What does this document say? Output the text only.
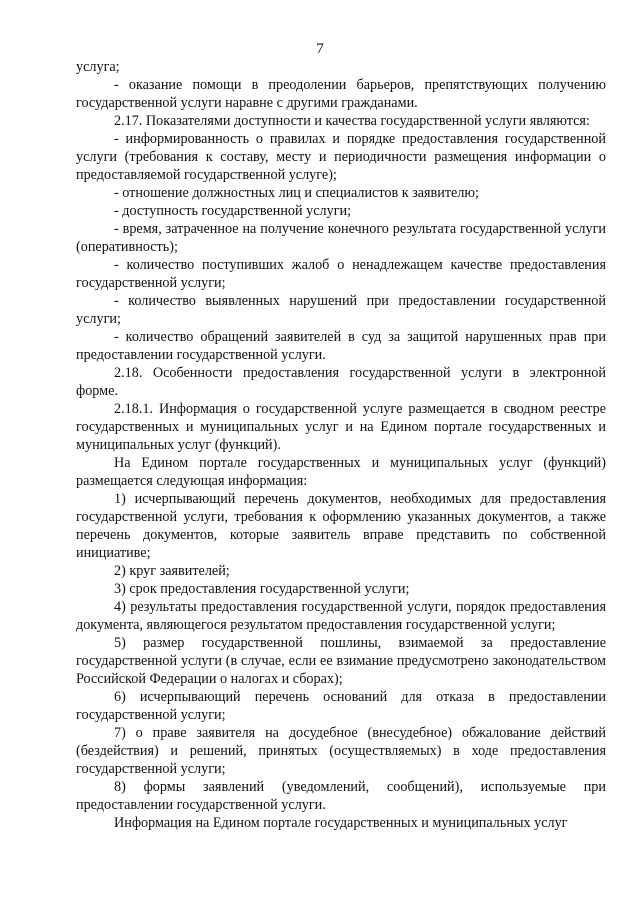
7

услуга;

- оказание помощи в преодолении барьеров, препятствующих получению государственной услуги наравне с другими гражданами.

2.17. Показателями доступности и качества государственной услуги являются:

- информированность о правилах и порядке предоставления государственной услуги (требования к составу, месту и периодичности размещения информации о предоставляемой государственной услуге);

- отношение должностных лиц и специалистов к заявителю;

- доступность государственной услуги;

- время, затраченное на получение конечного результата государственной услуги (оперативность);

- количество поступивших жалоб о ненадлежащем качестве предоставления государственной услуги;

- количество выявленных нарушений при предоставлении государственной услуги;

- количество обращений заявителей в суд за защитой нарушенных прав при предоставлении государственной услуги.

2.18. Особенности предоставления государственной услуги в электронной форме.

2.18.1. Информация о государственной услуге размещается в сводном реестре государственных и муниципальных услуг и на Едином портале государственных и муниципальных услуг (функций).

На Едином портале государственных и муниципальных услуг (функций) размещается следующая информация:

1) исчерпывающий перечень документов, необходимых для предоставления государственной услуги, требования к оформлению указанных документов, а также перечень документов, которые заявитель вправе представить по собственной инициативе;

2) круг заявителей;

3) срок предоставления государственной услуги;

4) результаты предоставления государственной услуги, порядок предоставления документа, являющегося результатом предоставления государственной услуги;

5) размер государственной пошлины, взимаемой за предоставление государственной услуги (в случае, если ее взимание предусмотрено законодательством Российской Федерации о налогах и сборах);

6) исчерпывающий перечень оснований для отказа в предоставлении государственной услуги;

7) о праве заявителя на досудебное (внесудебное) обжалование действий (бездействия) и решений, принятых (осуществляемых) в ходе предоставления государственной услуги;

8) формы заявлений (уведомлений, сообщений), используемые при предоставлении государственной услуги.

Информация на Едином портале государственных и муниципальных услуг
